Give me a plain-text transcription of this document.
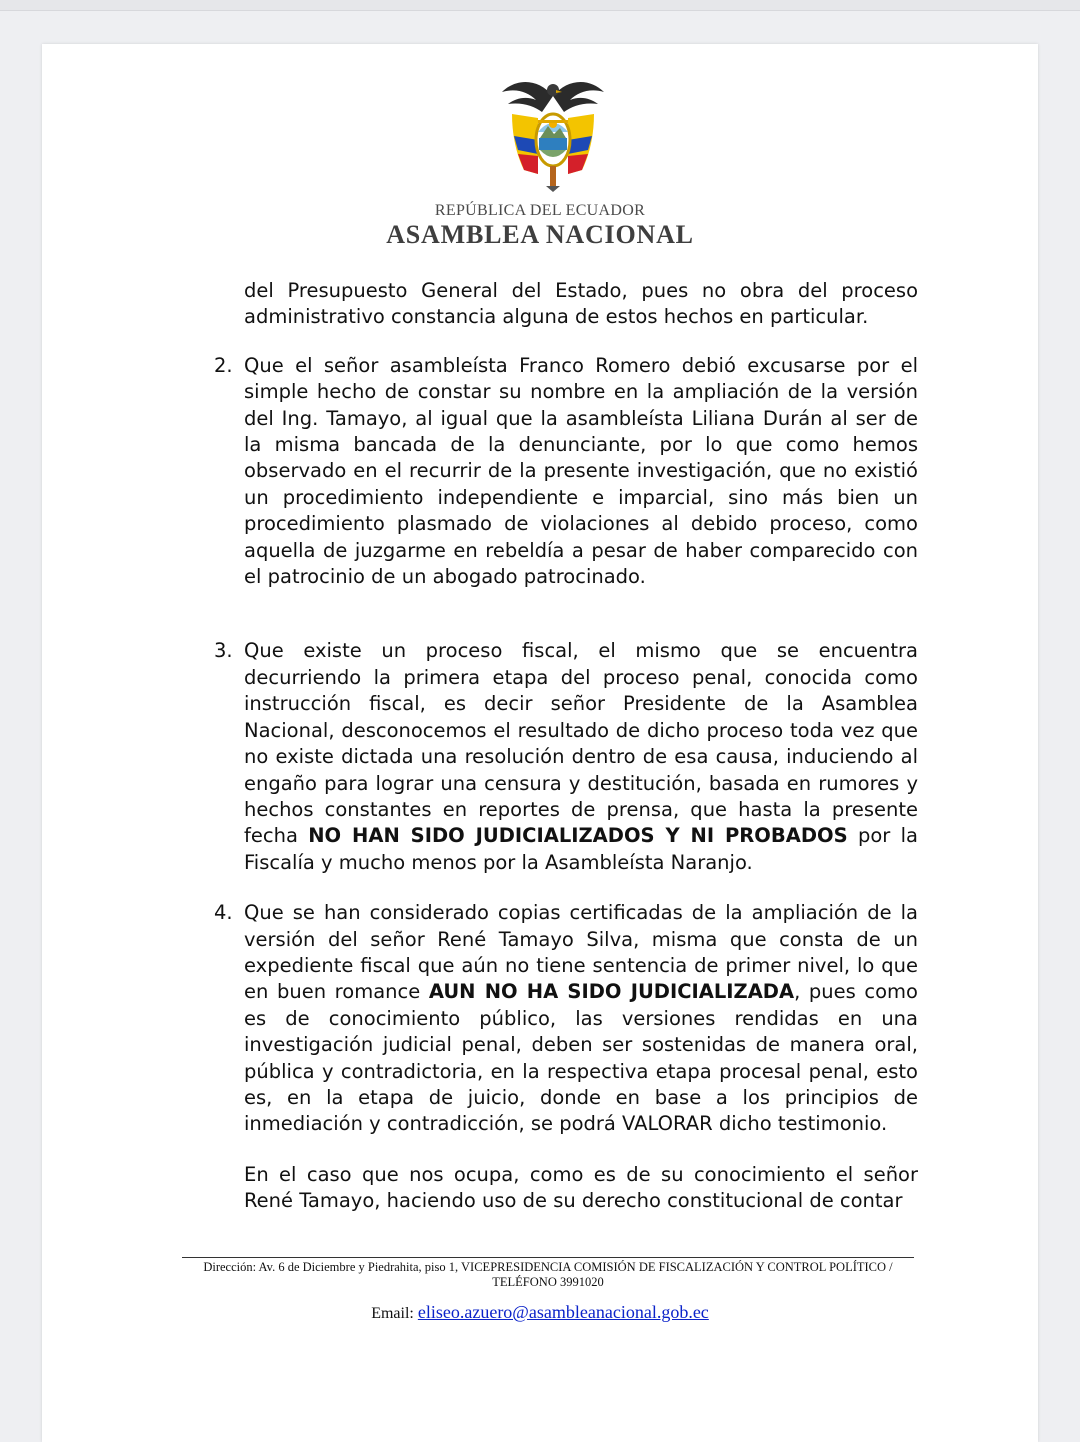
REPÚBLICA DEL ECUADOR
ASAMBLEA NACIONAL

del Presupuesto General del Estado, pues no obra del proceso administrativo constancia alguna de estos hechos en particular.

2. Que el señor asambleísta Franco Romero debió excusarse por el simple hecho de constar su nombre en la ampliación de la versión del Ing. Tamayo, al igual que la asambleísta Liliana Durán al ser de la misma bancada de la denunciante, por lo que como hemos observado en el recurrir de la presente investigación, que no existió un procedimiento independiente e imparcial, sino más bien un procedimiento plasmado de violaciones al debido proceso, como aquella de juzgarme en rebeldía a pesar de haber comparecido con el patrocinio de un abogado patrocinado.

3. Que existe un proceso fiscal, el mismo que se encuentra decurriendo la primera etapa del proceso penal, conocida como instrucción fiscal, es decir señor Presidente de la Asamblea Nacional, desconocemos el resultado de dicho proceso toda vez que no existe dictada una resolución dentro de esa causa, induciendo al engaño para lograr una censura y destitución, basada en rumores y hechos constantes en reportes de prensa, que hasta la presente fecha NO HAN SIDO JUDICIALIZADOS Y NI PROBADOS por la Fiscalía y mucho menos por la Asambleísta Naranjo.

4. Que se han considerado copias certificadas de la ampliación de la versión del señor René Tamayo Silva, misma que consta de un expediente fiscal que aún no tiene sentencia de primer nivel, lo que en buen romance AUN NO HA SIDO JUDICIALIZADA, pues como es de conocimiento público, las versiones rendidas en una investigación judicial penal, deben ser sostenidas de manera oral, pública y contradictoria, en la respectiva etapa procesal penal, esto es, en la etapa de juicio, donde en base a los principios de inmediación y contradicción, se podrá VALORAR dicho testimonio.

En el caso que nos ocupa, como es de su conocimiento el señor René Tamayo, haciendo uso de su derecho constitucional de contar

Dirección: Av. 6 de Diciembre y Piedrahita, piso 1, VICEPRESIDENCIA COMISIÓN DE FISCALIZACIÓN Y CONTROL POLÍTICO / TELÉFONO 3991020
Email: eliseo.azuero@asambleanacional.gob.ec
